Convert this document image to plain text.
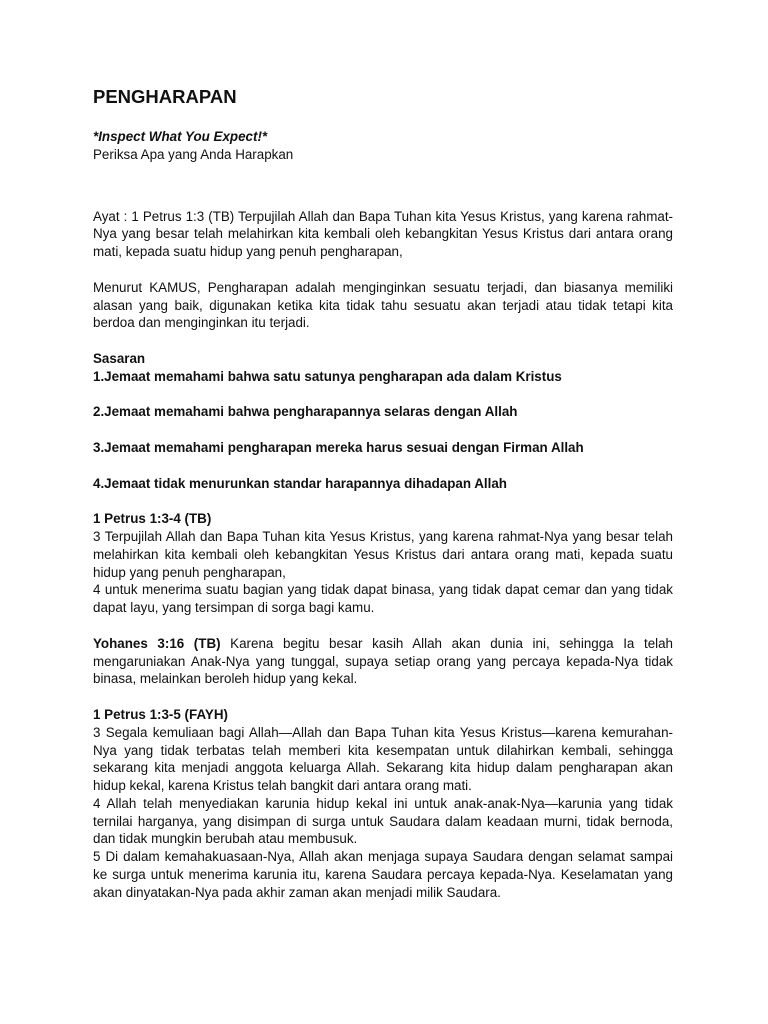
PENGHARAPAN

*Inspect What You Expect!*

Periksa Apa yang Anda Harapkan

Ayat : 1 Petrus 1:3 (TB) Terpujilah Allah dan Bapa Tuhan kita Yesus Kristus, yang karena rahmat-Nya yang besar telah melahirkan kita kembali oleh kebangkitan Yesus Kristus dari antara orang mati, kepada suatu hidup yang penuh pengharapan,

Menurut KAMUS, Pengharapan adalah menginginkan sesuatu terjadi, dan biasanya memiliki alasan yang baik, digunakan ketika kita tidak tahu sesuatu akan terjadi atau tidak tetapi kita berdoa dan menginginkan itu terjadi.

Sasaran

1.Jemaat memahami bahwa satu satunya pengharapan ada dalam Kristus

2.Jemaat memahami bahwa pengharapannya selaras dengan Allah

3.Jemaat memahami pengharapan mereka harus sesuai dengan Firman Allah

4.Jemaat tidak menurunkan standar harapannya dihadapan Allah

1 Petrus 1:3-4 (TB)

3 Terpujilah Allah dan Bapa Tuhan kita Yesus Kristus, yang karena rahmat-Nya yang besar telah melahirkan kita kembali oleh kebangkitan Yesus Kristus dari antara orang mati, kepada suatu hidup yang penuh pengharapan,

4 untuk menerima suatu bagian yang tidak dapat binasa, yang tidak dapat cemar dan yang tidak dapat layu, yang tersimpan di sorga bagi kamu.

Yohanes 3:16 (TB) Karena begitu besar kasih Allah akan dunia ini, sehingga Ia telah mengaruniakan Anak-Nya yang tunggal, supaya setiap orang yang percaya kepada-Nya tidak binasa, melainkan beroleh hidup yang kekal.

1 Petrus 1:3-5 (FAYH)

3 Segala kemuliaan bagi Allah—Allah dan Bapa Tuhan kita Yesus Kristus—karena kemurahan-Nya yang tidak terbatas telah memberi kita kesempatan untuk dilahirkan kembali, sehingga sekarang kita menjadi anggota keluarga Allah. Sekarang kita hidup dalam pengharapan akan hidup kekal, karena Kristus telah bangkit dari antara orang mati.

4 Allah telah menyediakan karunia hidup kekal ini untuk anak-anak-Nya—karunia yang tidak ternilai harganya, yang disimpan di surga untuk Saudara dalam keadaan murni, tidak bernoda, dan tidak mungkin berubah atau membusuk.

5 Di dalam kemahakuasaan-Nya, Allah akan menjaga supaya Saudara dengan selamat sampai ke surga untuk menerima karunia itu, karena Saudara percaya kepada-Nya. Keselamatan yang akan dinyatakan-Nya pada akhir zaman akan menjadi milik Saudara.
